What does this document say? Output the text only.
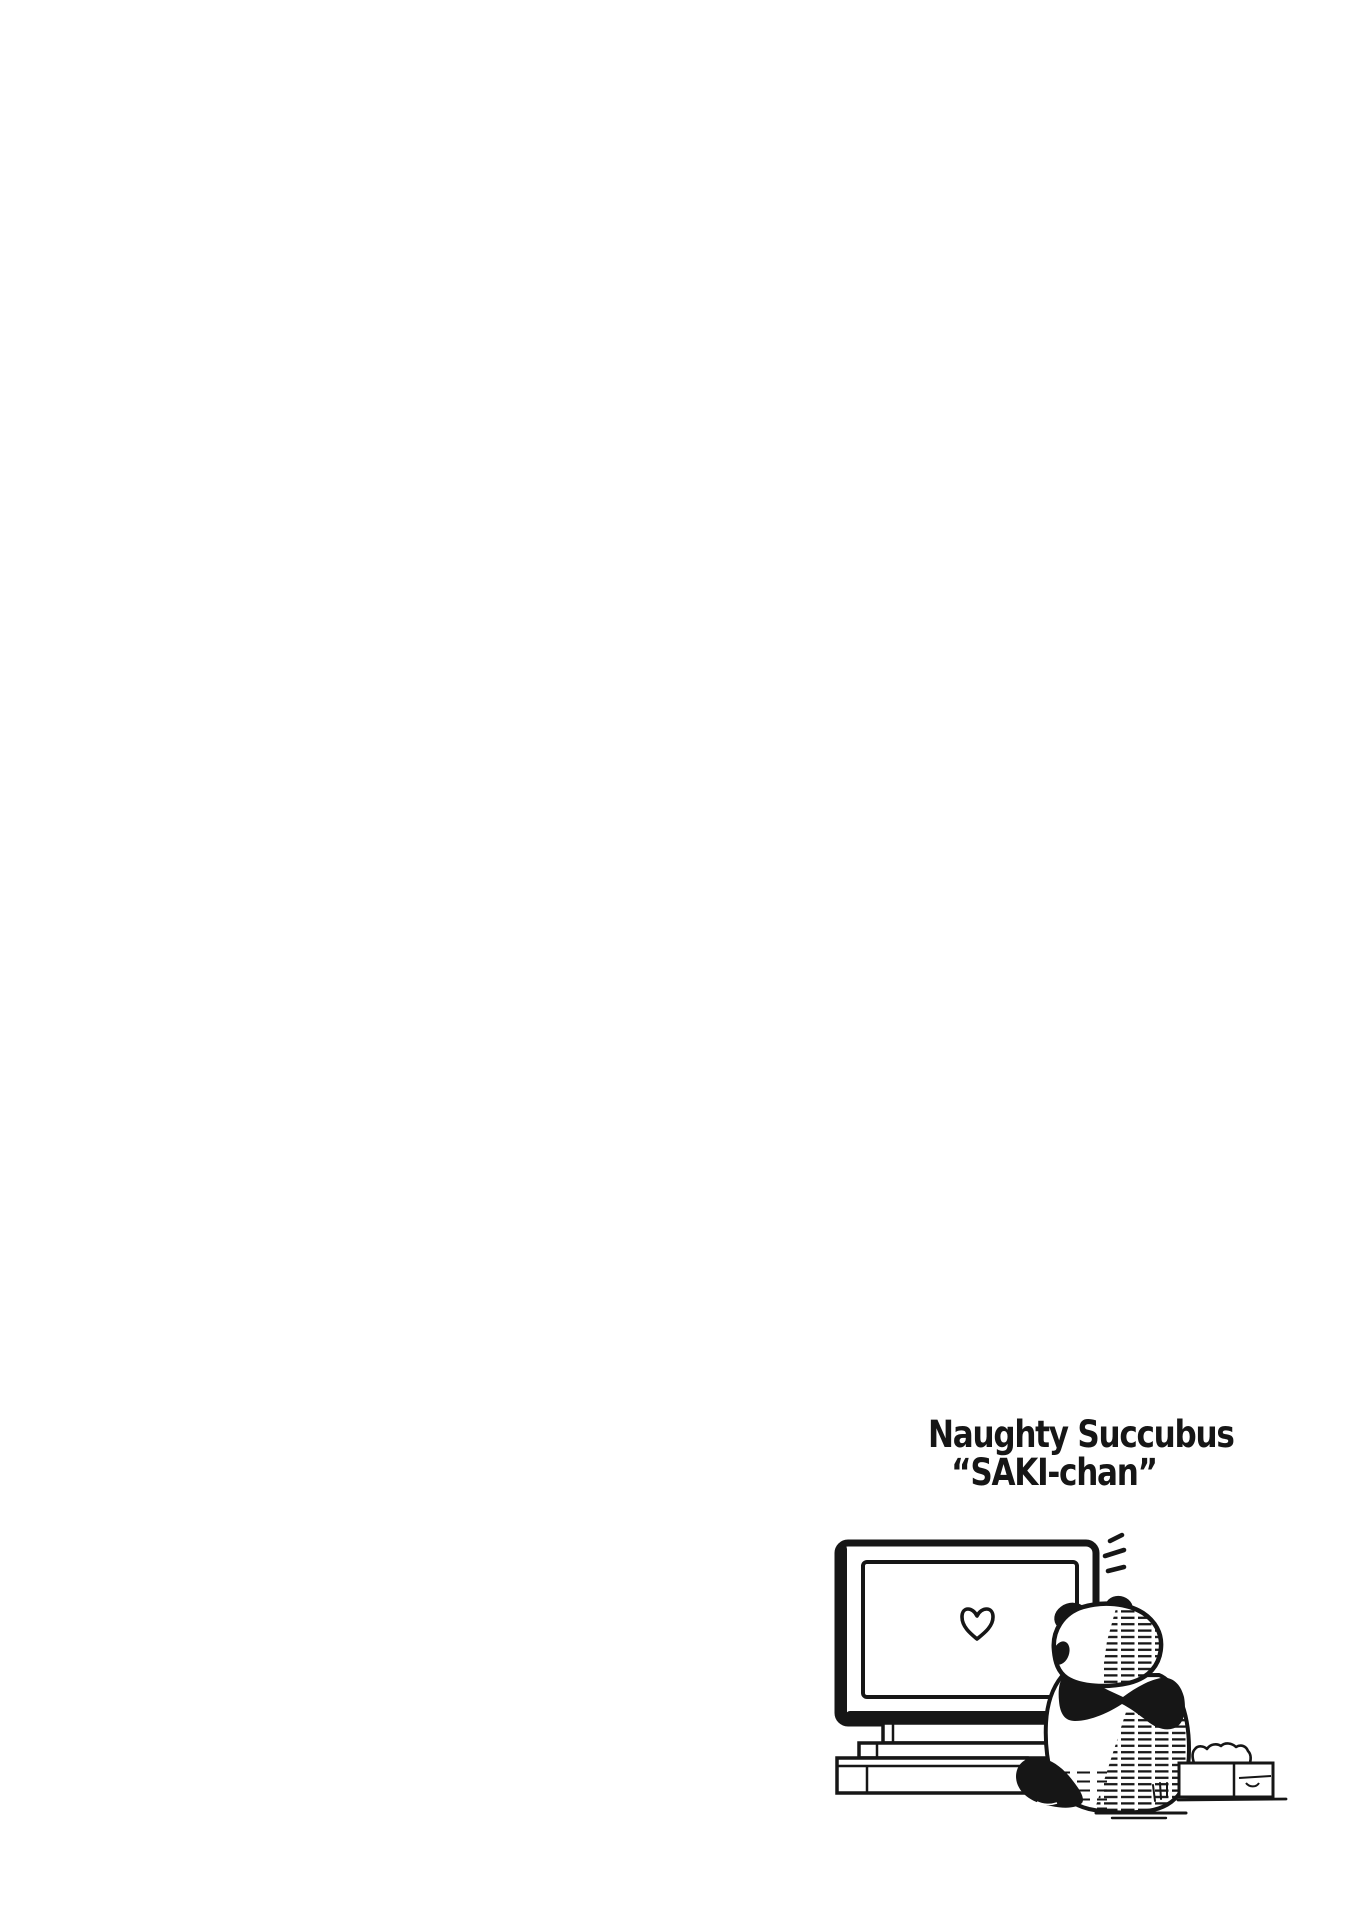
Naughty Succubus
“SAKI-chan”
